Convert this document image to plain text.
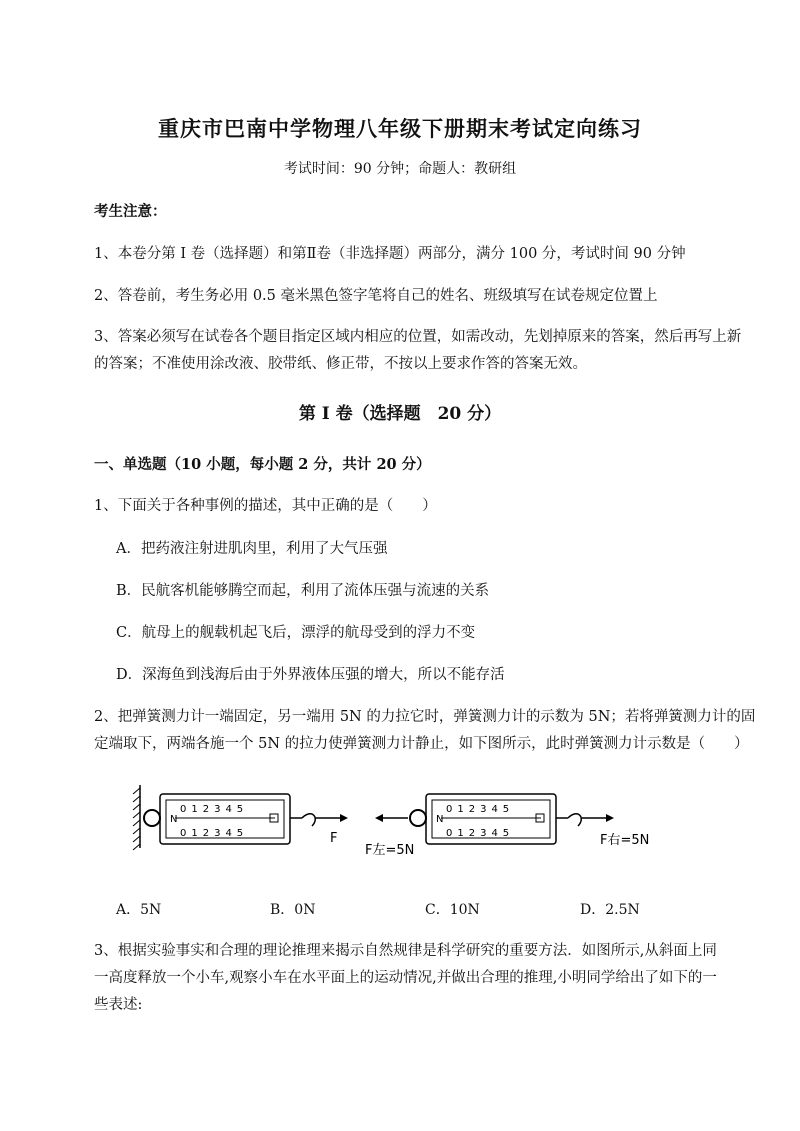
重庆市巴南中学物理八年级下册期末考试定向练习
考试时间：90 分钟；命题人：教研组
考生注意：
1、本卷分第 I 卷（选择题）和第Ⅱ卷（非选择题）两部分，满分 100 分，考试时间 90 分钟
2、答卷前，考生务必用 0.5 毫米黑色签字笔将自己的姓名、班级填写在试卷规定位置上
3、答案必须写在试卷各个题目指定区域内相应的位置，如需改动，先划掉原来的答案，然后再写上新
的答案；不准使用涂改液、胶带纸、修正带，不按以上要求作答的答案无效。
第 I 卷（选择题　20 分）
一、单选题（10 小题，每小题 2 分，共计 20 分）
1、下面关于各种事例的描述，其中正确的是（　　）
A．把药液注射进肌肉里，利用了大气压强
B．民航客机能够腾空而起，利用了流体压强与流速的关系
C．航母上的舰载机起飞后，漂浮的航母受到的浮力不变
D．深海鱼到浅海后由于外界液体压强的增大，所以不能存活
2、把弹簧测力计一端固定，另一端用 5N 的力拉它时，弹簧测力计的示数为 5N；若将弹簧测力计的固
定端取下，两端各施一个 5N 的拉力使弹簧测力计静止，如下图所示，此时弹簧测力计示数是（　　）
N
012345
012345	F
N
012345
012345
F左=5N
F右=5N
A．5N	B．0N	C．10N	D．2.5N
3、根据实验事实和合理的理论推理来揭示自然规律是科学研究的重要方法．如图所示,从斜面上同
一高度释放一个小车,观察小车在水平面上的运动情况,并做出合理的推理,小明同学给出了如下的一
些表述:
